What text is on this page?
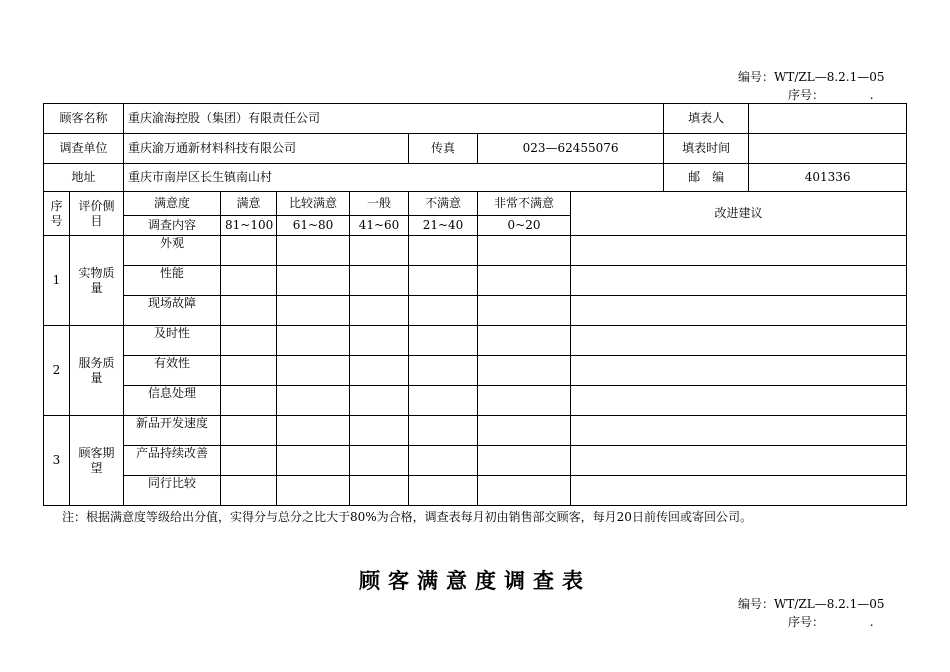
编号：WT/ZL—8.2.1—05
序号：            .
顾客名称		重庆渝海控股（集团）有限责任公司							填表人	
调查单位		重庆渝万通新材料科技有限公司				传真	023—62455076		填表时间	
地址		重庆市南岸区长生镇南山村							邮　编	401336
序号	评价侧目	满意度	满意	比较满意	一般	不满意	非常不满意	改进建议		
		调查内容	81~100	61~80	41~60	21~40	0~20			
1	实物质量	外观								
		性能								
		现场故障								
2	服务质量	及时性								
		有效性								
		信息处理								
3	顾客期望	新品开发速度								
		产品持续改善								
		同行比较								
注：根据满意度等级给出分值，实得分与总分之比大于80%为合格，调查表每月初由销售部交顾客，每月20日前传回或寄回公司。
顾客满意度调查表
编号：WT/ZL—8.2.1—05
序号：            .
